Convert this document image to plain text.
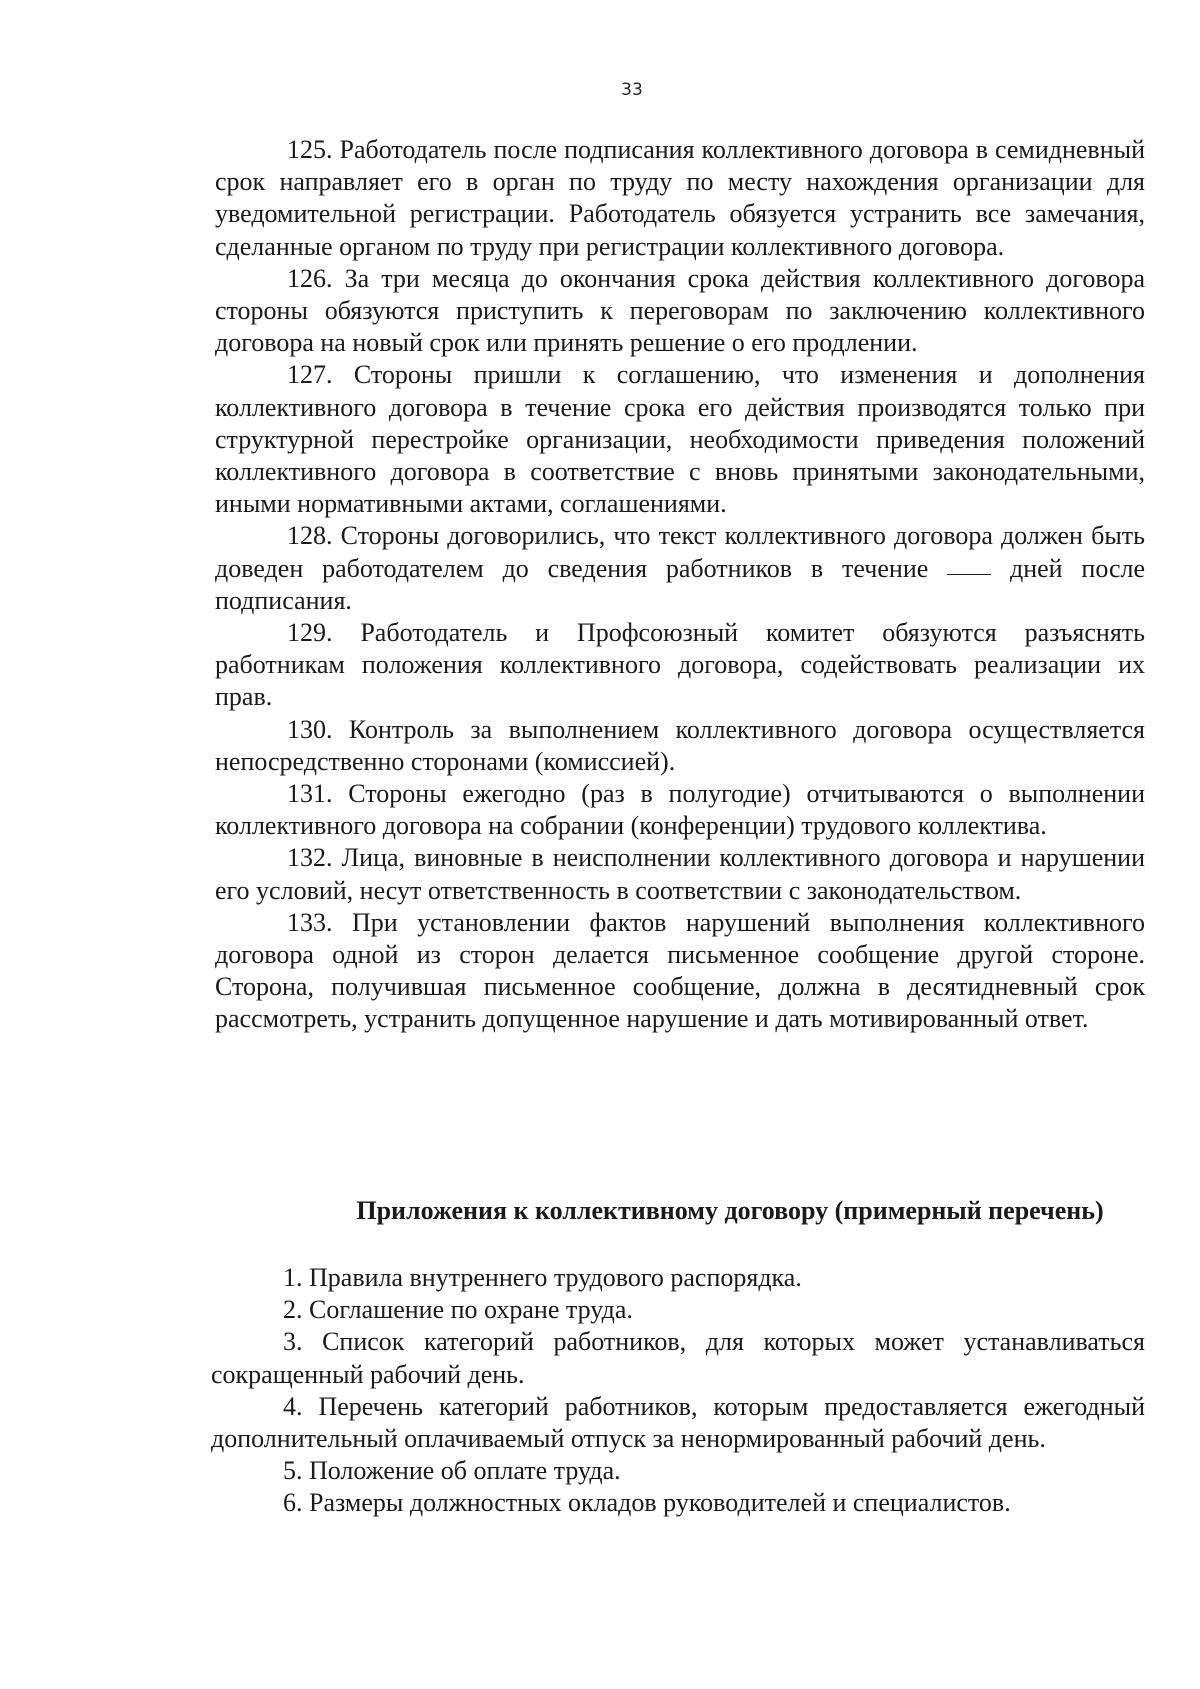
33

125. Работодатель после подписания коллективного договора в семидневный срок направляет его в орган по труду по месту нахождения организации для уведомительной регистрации. Работодатель обязуется устранить все замечания, сделанные органом по труду при регистрации коллективного договора.

126. За три месяца до окончания срока действия коллективного договора стороны обязуются приступить к переговорам по заключению коллективного договора на новый срок или принять решение о его продлении.

127. Стороны пришли к соглашению, что изменения и дополнения коллективного договора в течение срока его действия производятся только при структурной перестройке организации, необходимости приведения положений коллективного договора в соответствие с вновь принятыми законодательными, иными нормативными актами, соглашениями.

128. Стороны договорились, что текст коллективного договора должен быть доведен работодателем до сведения работников в течение	дней после подписания.

129. Работодатель и Профсоюзный комитет обязуются разъяснять работникам положения коллективного договора, содействовать реализации их прав.

130. Контроль за выполнением коллективного договора осуществляется непосредственно сторонами (комиссией).

131. Стороны ежегодно (раз в полугодие) отчитываются о выполнении коллективного договора на собрании (конференции) трудового коллектива.

132. Лица, виновные в неисполнении коллективного договора и нарушении его условий, несут ответственность в соответствии с законодательством.

133. При установлении фактов нарушений выполнения коллективного договора одной из сторон делается письменное сообщение другой стороне. Сторона, получившая письменное сообщение, должна в десятидневный срок рассмотреть, устранить допущенное нарушение и дать мотивированный ответ.

Приложения к коллективному договору (примерный перечень)

1. Правила внутреннего трудового распорядка.

2. Соглашение по охране труда.

3. Список категорий работников, для которых может устанавливаться сокращенный рабочий день.

4. Перечень категорий работников, которым предоставляется ежегодный дополнительный оплачиваемый отпуск за ненормированный рабочий день.

5. Положение об оплате труда.

6. Размеры должностных окладов руководителей и специалистов.
